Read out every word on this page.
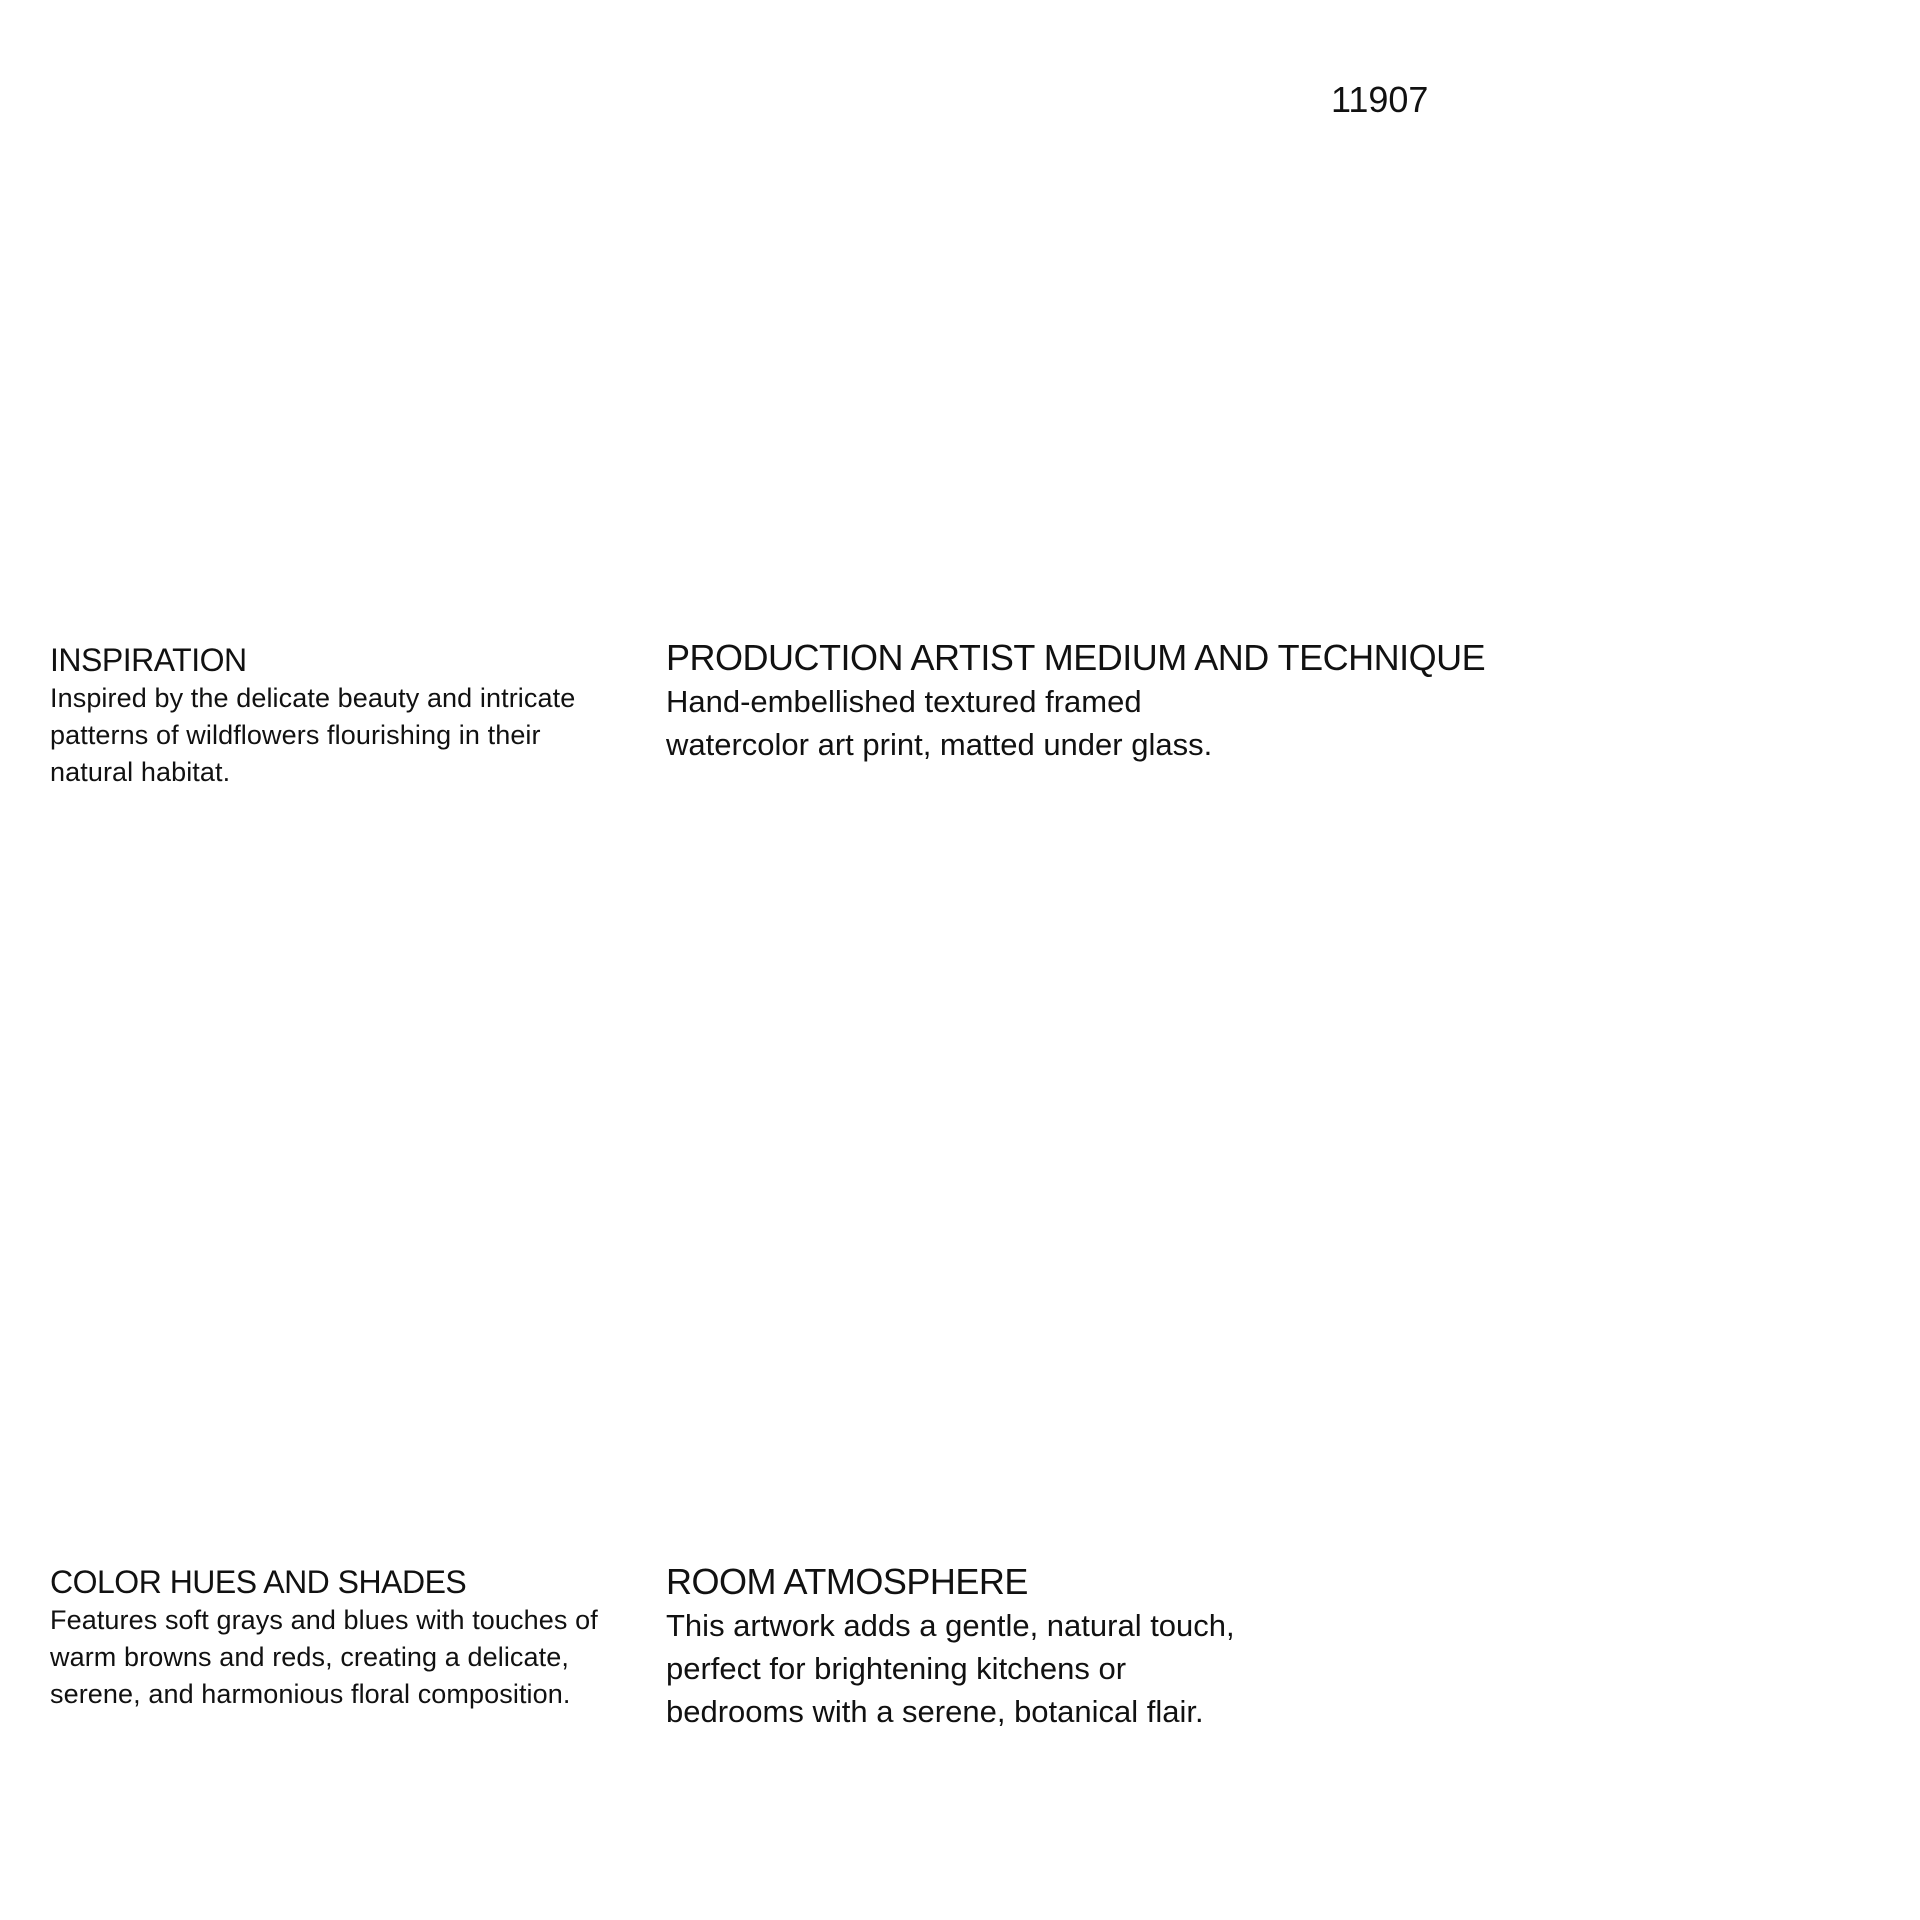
11907
INSPIRATION

Inspired by the delicate beauty and intricate patterns of wildflowers flourishing in their natural habitat.

PRODUCTION ARTIST MEDIUM AND TECHNIQUE

Hand-embellished textured framed watercolor art print, matted under glass.

COLOR HUES AND SHADES

Features soft grays and blues with touches of warm browns and reds, creating a delicate, serene, and harmonious floral composition.

ROOM ATMOSPHERE

This artwork adds a gentle, natural touch, perfect for brightening kitchens or bedrooms with a serene, botanical flair.
